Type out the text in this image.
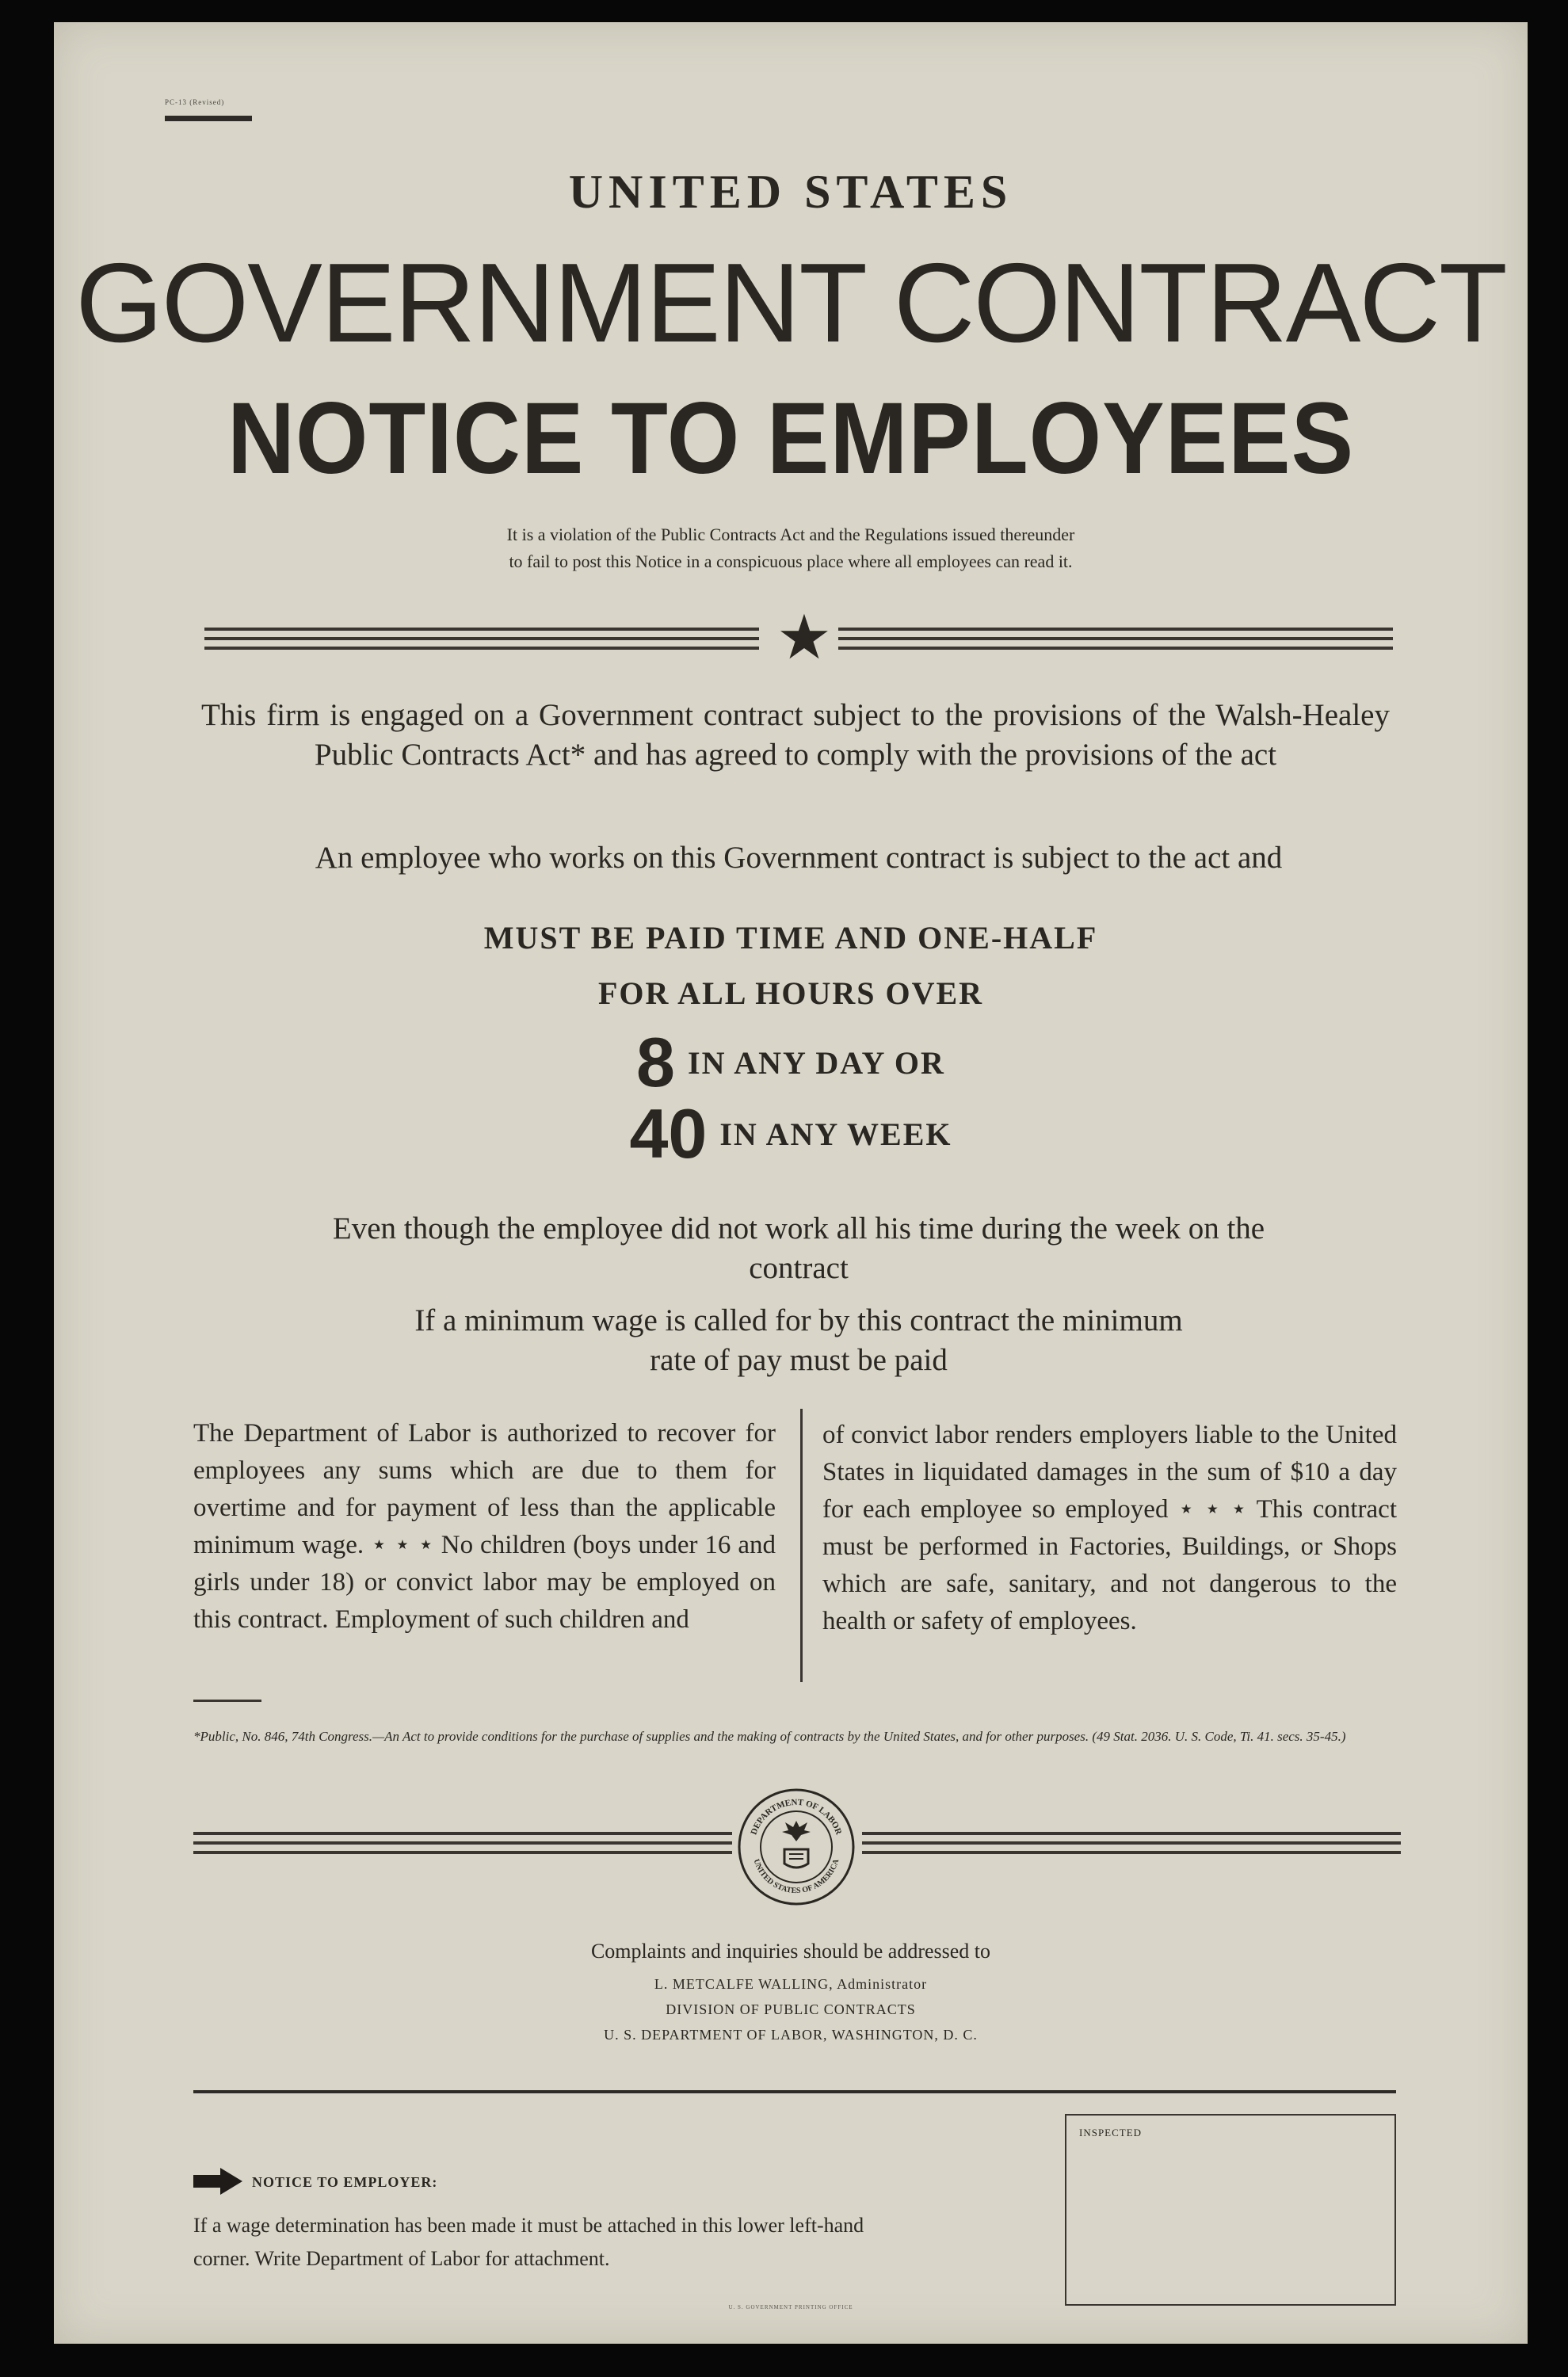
PC-13 (Revised)
UNITED STATES
GOVERNMENT CONTRACT
NOTICE TO EMPLOYEES
It is a violation of the Public Contracts Act and the Regulations issued thereunder
to fail to post this Notice in a conspicuous place where all employees can read it.
★
This firm is engaged on a Government contract subject to the provisions of the Walsh-Healey Public Contracts Act* and has agreed to comply with the provisions of the act
An employee who works on this Government contract is subject to the act and
MUST BE PAID TIME AND ONE-HALF
FOR ALL HOURS OVER
8 IN ANY DAY OR
40 IN ANY WEEK
Even though the employee did not work all his time during the week on the contract
If a minimum wage is called for by this contract the minimum rate of pay must be paid
The Department of Labor is authorized to recover for employees any sums which are due to them for overtime and for payment of less than the applicable minimum wage. ⋆ ⋆ ⋆ No children (boys under 16 and girls under 18) or convict labor may be employed on this contract. Employment of such children and
of convict labor renders employers liable to the United States in liquidated damages in the sum of $10 a day for each employee so employed ⋆ ⋆ ⋆ This contract must be performed in Factories, Buildings, or Shops which are safe, sanitary, and not dangerous to the health or safety of employees.
*Public, No. 846, 74th Congress.—An Act to provide conditions for the purchase of supplies and the making of contracts by the United States, and for other purposes. (49 Stat. 2036. U. S. Code, Ti. 41. secs. 35-45.)
DEPARTMENT OF LABOR
UNITED STATES OF AMERICA
Complaints and inquiries should be addressed to
L. METCALFE WALLING, Administrator
DIVISION OF PUBLIC CONTRACTS
U. S. DEPARTMENT OF LABOR, WASHINGTON, D. C.
NOTICE TO EMPLOYER:
If a wage determination has been made it must be attached in this lower left-hand corner. Write Department of Labor for attachment.
INSPECTED
U. S. GOVERNMENT PRINTING OFFICE
